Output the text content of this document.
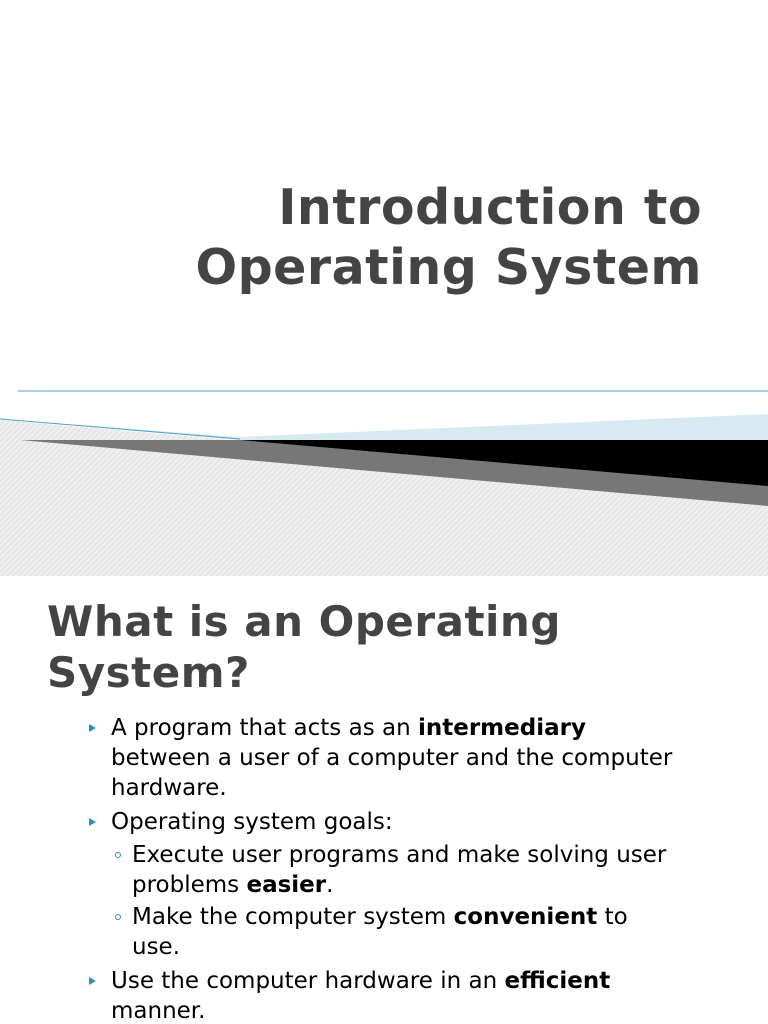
Introduction to
Operating System
What is an Operating
System?
A program that acts as an intermediary
between a user of a computer and the computer
hardware.
Operating system goals:
Execute user programs and make solving user
problems easier.
Make the computer system convenient to
use.
Use the computer hardware in an efficient
manner.
